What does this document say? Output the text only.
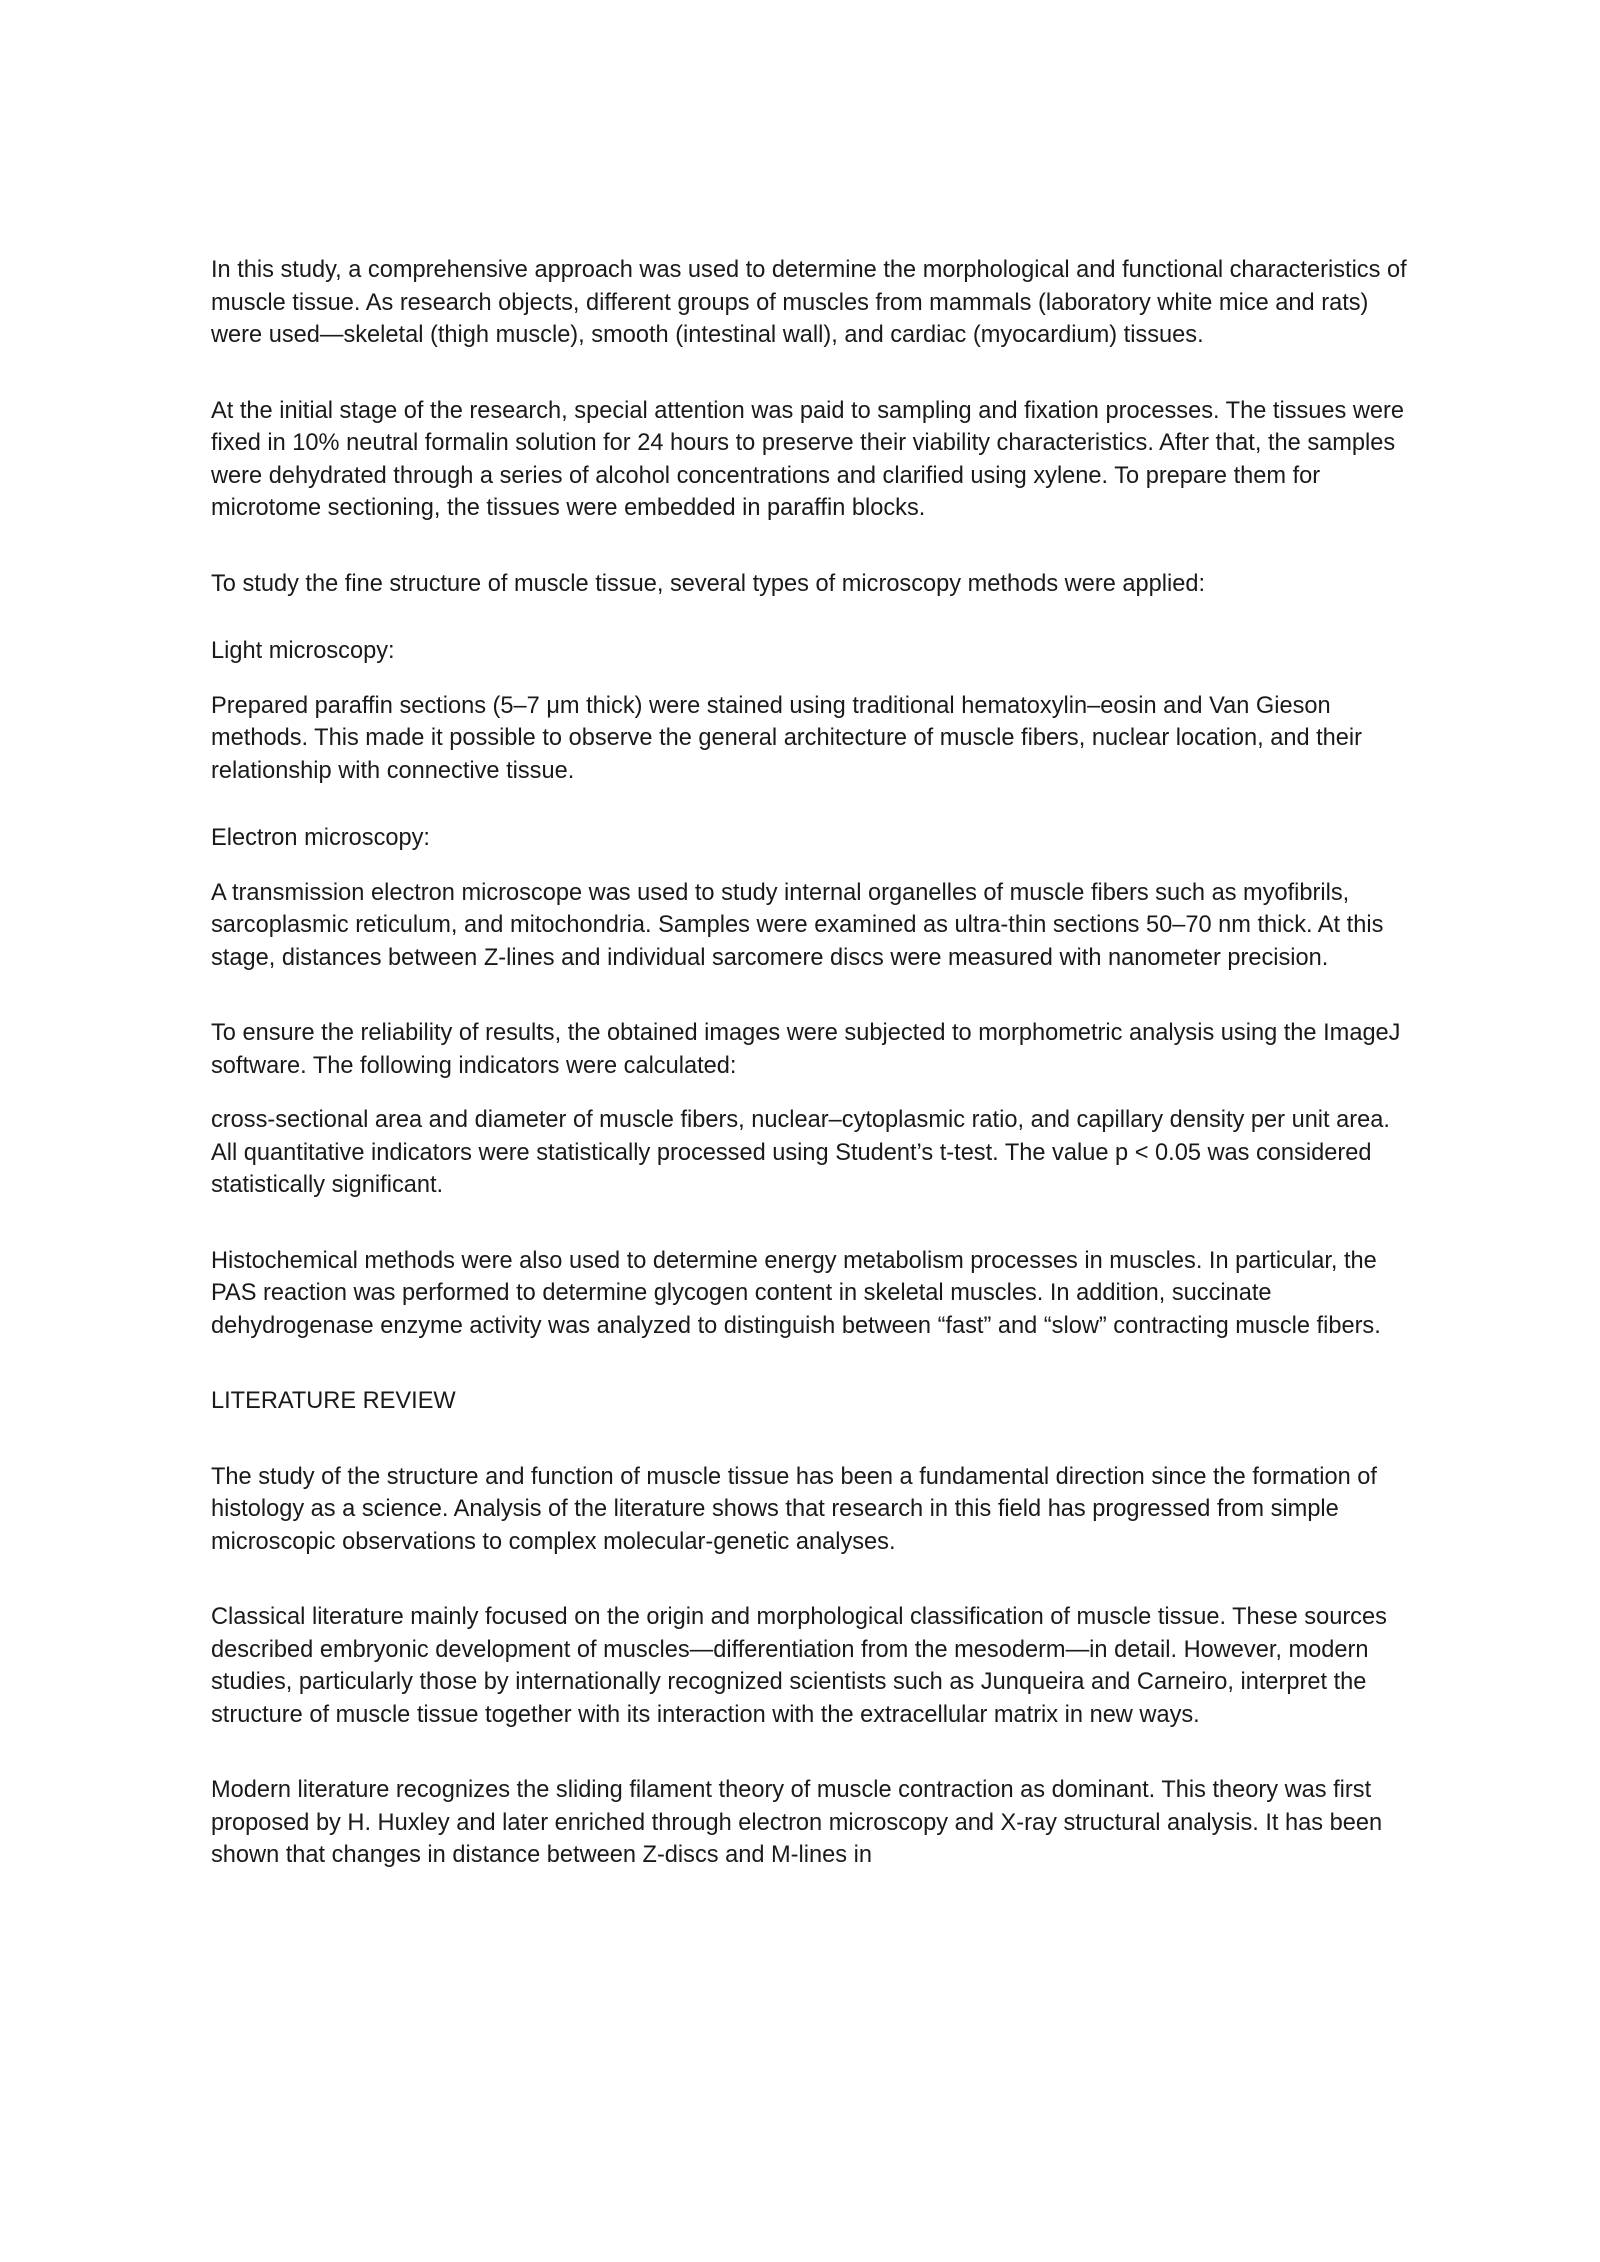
In this study, a comprehensive approach was used to determine the morphological and functional characteristics of muscle tissue. As research objects, different groups of muscles from mammals (laboratory white mice and rats) were used—skeletal (thigh muscle), smooth (intestinal wall), and cardiac (myocardium) tissues.

At the initial stage of the research, special attention was paid to sampling and fixation processes. The tissues were fixed in 10% neutral formalin solution for 24 hours to preserve their viability characteristics. After that, the samples were dehydrated through a series of alcohol concentrations and clarified using xylene. To prepare them for microtome sectioning, the tissues were embedded in paraffin blocks.

To study the fine structure of muscle tissue, several types of microscopy methods were applied:

Light microscopy:

Prepared paraffin sections (5–7 μm thick) were stained using traditional hematoxylin–eosin and Van Gieson methods. This made it possible to observe the general architecture of muscle fibers, nuclear location, and their relationship with connective tissue.

Electron microscopy:

A transmission electron microscope was used to study internal organelles of muscle fibers such as myofibrils, sarcoplasmic reticulum, and mitochondria. Samples were examined as ultra-thin sections 50–70 nm thick. At this stage, distances between Z-lines and individual sarcomere discs were measured with nanometer precision.

To ensure the reliability of results, the obtained images were subjected to morphometric analysis using the ImageJ software. The following indicators were calculated:

cross-sectional area and diameter of muscle fibers, nuclear–cytoplasmic ratio, and capillary density per unit area. All quantitative indicators were statistically processed using Student’s t-test. The value p < 0.05 was considered statistically significant.

Histochemical methods were also used to determine energy metabolism processes in muscles. In particular, the PAS reaction was performed to determine glycogen content in skeletal muscles. In addition, succinate dehydrogenase enzyme activity was analyzed to distinguish between “fast” and “slow” contracting muscle fibers.

LITERATURE REVIEW

The study of the structure and function of muscle tissue has been a fundamental direction since the formation of histology as a science. Analysis of the literature shows that research in this field has progressed from simple microscopic observations to complex molecular-genetic analyses.

Classical literature mainly focused on the origin and morphological classification of muscle tissue. These sources described embryonic development of muscles—differentiation from the mesoderm—in detail. However, modern studies, particularly those by internationally recognized scientists such as Junqueira and Carneiro, interpret the structure of muscle tissue together with its interaction with the extracellular matrix in new ways.

Modern literature recognizes the sliding filament theory of muscle contraction as dominant. This theory was first proposed by H. Huxley and later enriched through electron microscopy and X-ray structural analysis. It has been shown that changes in distance between Z-discs and M-lines in
